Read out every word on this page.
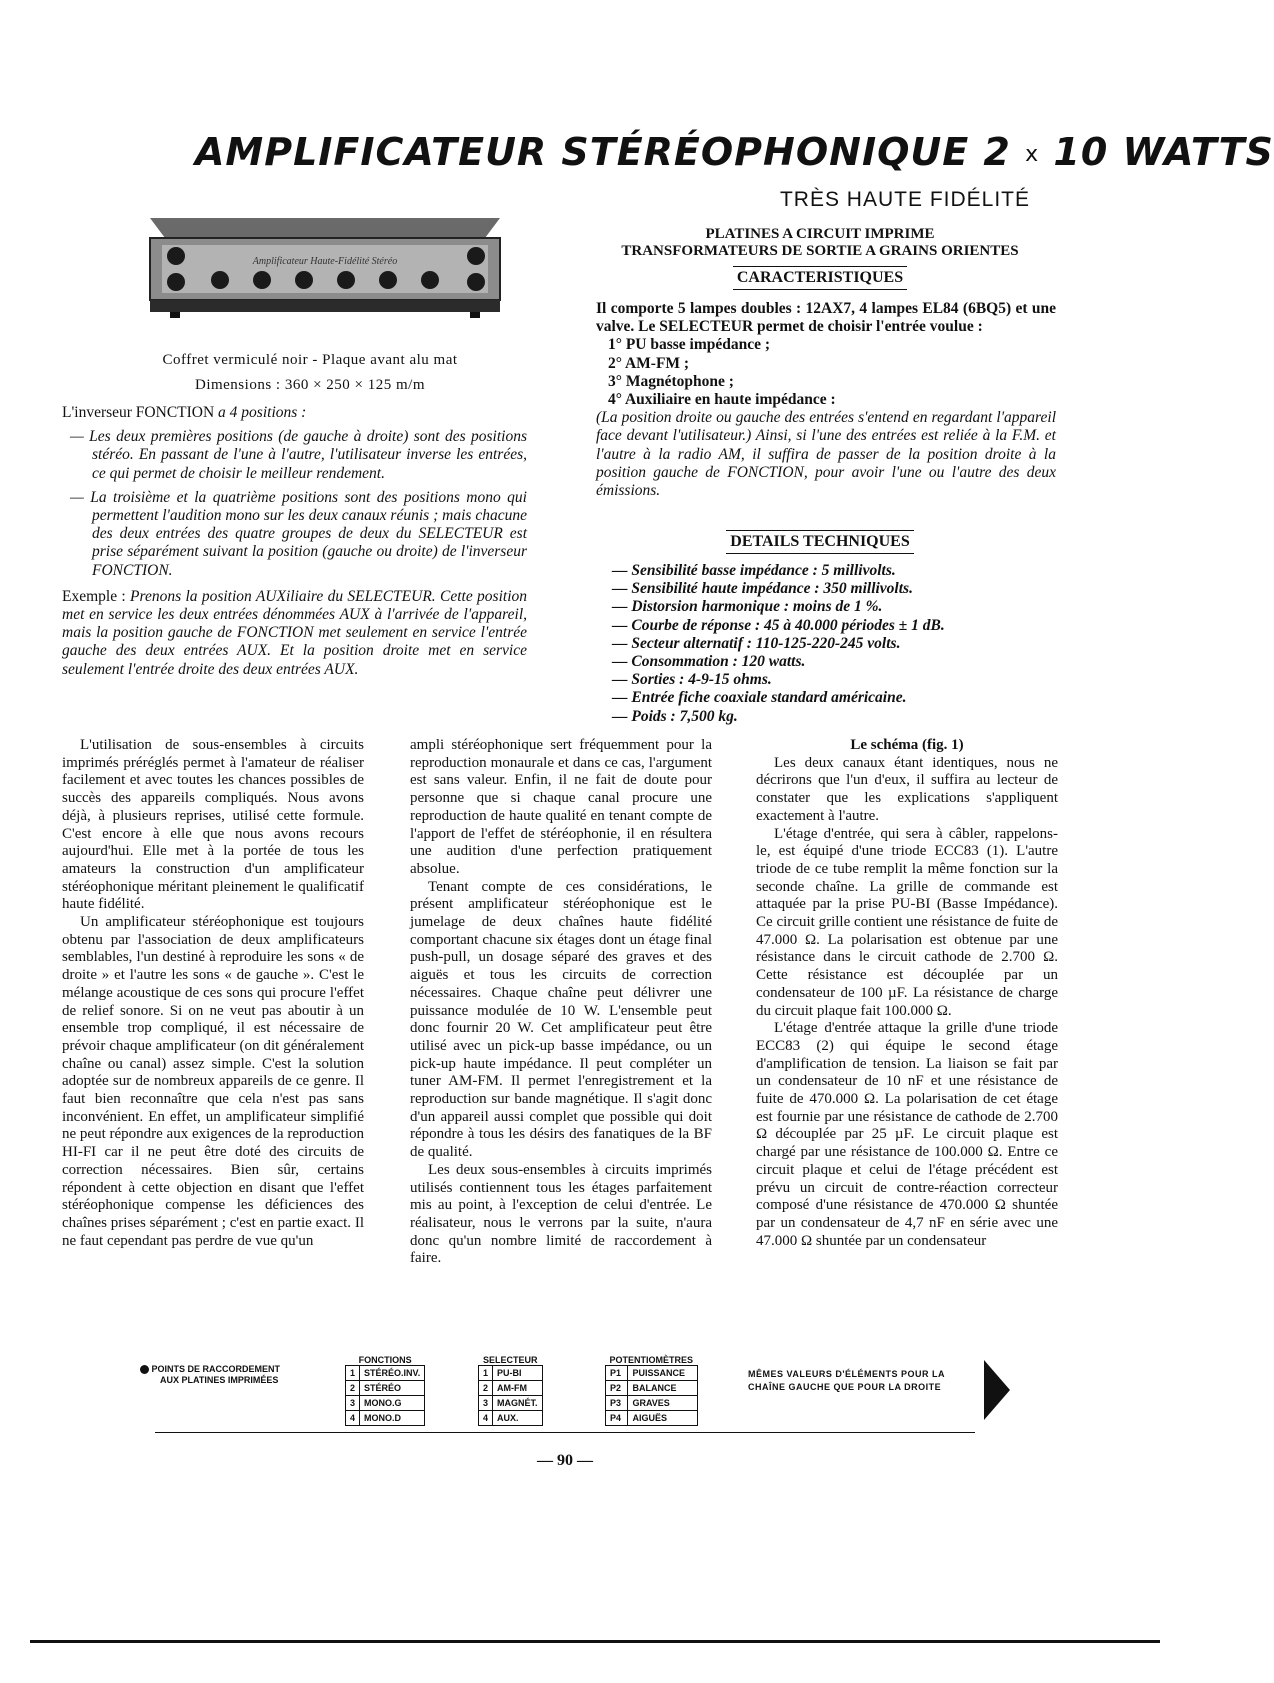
AMPLIFICATEUR STÉRÉOPHONIQUE 2 x 10 WATTS
TRÈS HAUTE FIDÉLITÉ
PLATINES A CIRCUIT IMPRIME
TRANSFORMATEURS DE SORTIE A GRAINS ORIENTES
Amplificateur Haute-Fidélité Stéréo
Coffret vermiculé noir - Plaque avant alu mat
Dimensions : 360 × 250 × 125 m/m
L'inverseur FONCTION a 4 positions :

— Les deux premières positions (de gauche à droite) sont des positions stéréo. En passant de l'une à l'autre, l'utilisateur inverse les entrées, ce qui permet de choisir le meilleur rendement.

— La troisième et la quatrième positions sont des positions mono qui permettent l'audition mono sur les deux canaux réunis ; mais chacune des deux entrées des quatre groupes de deux du SELECTEUR est prise séparément suivant la position (gauche ou droite) de l'inverseur FONCTION.

Exemple : Prenons la position AUXiliaire du SELECTEUR. Cette position met en service les deux entrées dénommées AUX à l'arrivée de l'appareil, mais la position gauche de FONCTION met seulement en service l'entrée gauche des deux entrées AUX. Et la position droite met en service seulement l'entrée droite des deux entrées AUX.
CARACTERISTIQUES
Il comporte 5 lampes doubles : 12AX7, 4 lampes EL84 (6BQ5) et une valve. Le SELECTEUR permet de choisir l'entrée voulue :
1° PU basse impédance ;
2° AM-FM ;
3° Magnétophone ;
4° Auxiliaire en haute impédance :
(La position droite ou gauche des entrées s'entend en regardant l'appareil face devant l'utilisateur.) Ainsi, si l'une des entrées est reliée à la F.M. et l'autre à la radio AM, il suffira de passer de la position droite à la position gauche de FONCTION, pour avoir l'une ou l'autre des deux émissions.
DETAILS TECHNIQUES
— Sensibilité basse impédance : 5 millivolts.
— Sensibilité haute impédance : 350 millivolts.
— Distorsion harmonique : moins de 1 %.
— Courbe de réponse : 45 à 40.000 périodes ± 1 dB.
— Secteur alternatif : 110-125-220-245 volts.
— Consommation : 120 watts.
— Sorties : 4-9-15 ohms.
— Entrée fiche coaxiale standard américaine.
— Poids : 7,500 kg.

L'utilisation de sous-ensembles à circuits imprimés préréglés permet à l'amateur de réaliser facilement et avec toutes les chances possibles de succès des appareils compliqués. Nous avons déjà, à plusieurs reprises, utilisé cette formule. C'est encore à elle que nous avons recours aujourd'hui. Elle met à la portée de tous les amateurs la construction d'un amplificateur stéréophonique méritant pleinement le qualificatif haute fidélité.

Un amplificateur stéréophonique est toujours obtenu par l'association de deux amplificateurs semblables, l'un destiné à reproduire les sons « de droite » et l'autre les sons « de gauche ». C'est le mélange acoustique de ces sons qui procure l'effet de relief sonore. Si on ne veut pas aboutir à un ensemble trop compliqué, il est nécessaire de prévoir chaque amplificateur (on dit généralement chaîne ou canal) assez simple. C'est la solution adoptée sur de nombreux appareils de ce genre. Il faut bien reconnaître que cela n'est pas sans inconvénient. En effet, un amplificateur simplifié ne peut répondre aux exigences de la reproduction HI-FI car il ne peut être doté des circuits de correction nécessaires. Bien sûr, certains répondent à cette objection en disant que l'effet stéréophonique compense les déficiences des chaînes prises séparément ; c'est en partie exact. Il ne faut cependant pas perdre de vue qu'un

ampli stéréophonique sert fréquemment pour la reproduction monaurale et dans ce cas, l'argument est sans valeur. Enfin, il ne fait de doute pour personne que si chaque canal procure une reproduction de haute qualité en tenant compte de l'apport de l'effet de stéréophonie, il en résultera une audition d'une perfection pratiquement absolue.

Tenant compte de ces considérations, le présent amplificateur stéréophonique est le jumelage de deux chaînes haute fidélité comportant chacune six étages dont un étage final push-pull, un dosage séparé des graves et des aiguës et tous les circuits de correction nécessaires. Chaque chaîne peut délivrer une puissance modulée de 10 W. L'ensemble peut donc fournir 20 W. Cet amplificateur peut être utilisé avec un pick-up basse impédance, ou un pick-up haute impédance. Il peut compléter un tuner AM-FM. Il permet l'enregistrement et la reproduction sur bande magnétique. Il s'agit donc d'un appareil aussi complet que possible qui doit répondre à tous les désirs des fanatiques de la BF de qualité.

Les deux sous-ensembles à circuits imprimés utilisés contiennent tous les étages parfaitement mis au point, à l'exception de celui d'entrée. Le réalisateur, nous le verrons par la suite, n'aura donc qu'un nombre limité de raccordement à faire.

Le schéma (fig. 1)

Les deux canaux étant identiques, nous ne décrirons que l'un d'eux, il suffira au lecteur de constater que les explications s'appliquent exactement à l'autre.

L'étage d'entrée, qui sera à câbler, rappelons-le, est équipé d'une triode ECC83 (1). L'autre triode de ce tube remplit la même fonction sur la seconde chaîne. La grille de commande est attaquée par la prise PU-BI (Basse Impédance). Ce circuit grille contient une résistance de fuite de 47.000 Ω. La polarisation est obtenue par une résistance dans le circuit cathode de 2.700 Ω. Cette résistance est découplée par un condensateur de 100 µF. La résistance de charge du circuit plaque fait 100.000 Ω.

L'étage d'entrée attaque la grille d'une triode ECC83 (2) qui équipe le second étage d'amplification de tension. La liaison se fait par un condensateur de 10 nF et une résistance de fuite de 470.000 Ω. La polarisation de cet étage est fournie par une résistance de cathode de 2.700 Ω découplée par 25 µF. Le circuit plaque est chargé par une résistance de 100.000 Ω. Entre ce circuit plaque et celui de l'étage précédent est prévu un circuit de contre-réaction correcteur composé d'une résistance de 470.000 Ω shuntée par un condensateur de 4,7 nF en série avec une 47.000 Ω shuntée par un condensateur

POINTS DE RACCORDEMENT
AUX PLATINES IMPRIMÉES
FONCTIONS	
1	STÉRÉO.INV.
2	STÉRÉO
3	MONO.G
4	MONO.D
SELECTEUR	
1	PU-BI
2	AM-FM
3	MAGNÉT.
4	AUX.
POTENTIOMÈTRES	
P1	PUISSANCE
P2	BALANCE
P3	GRAVES
P4	AIGUËS
MÊMES VALEURS D'ÉLÉMENTS POUR LA
CHAÎNE GAUCHE QUE POUR LA DROITE
— 90 —
